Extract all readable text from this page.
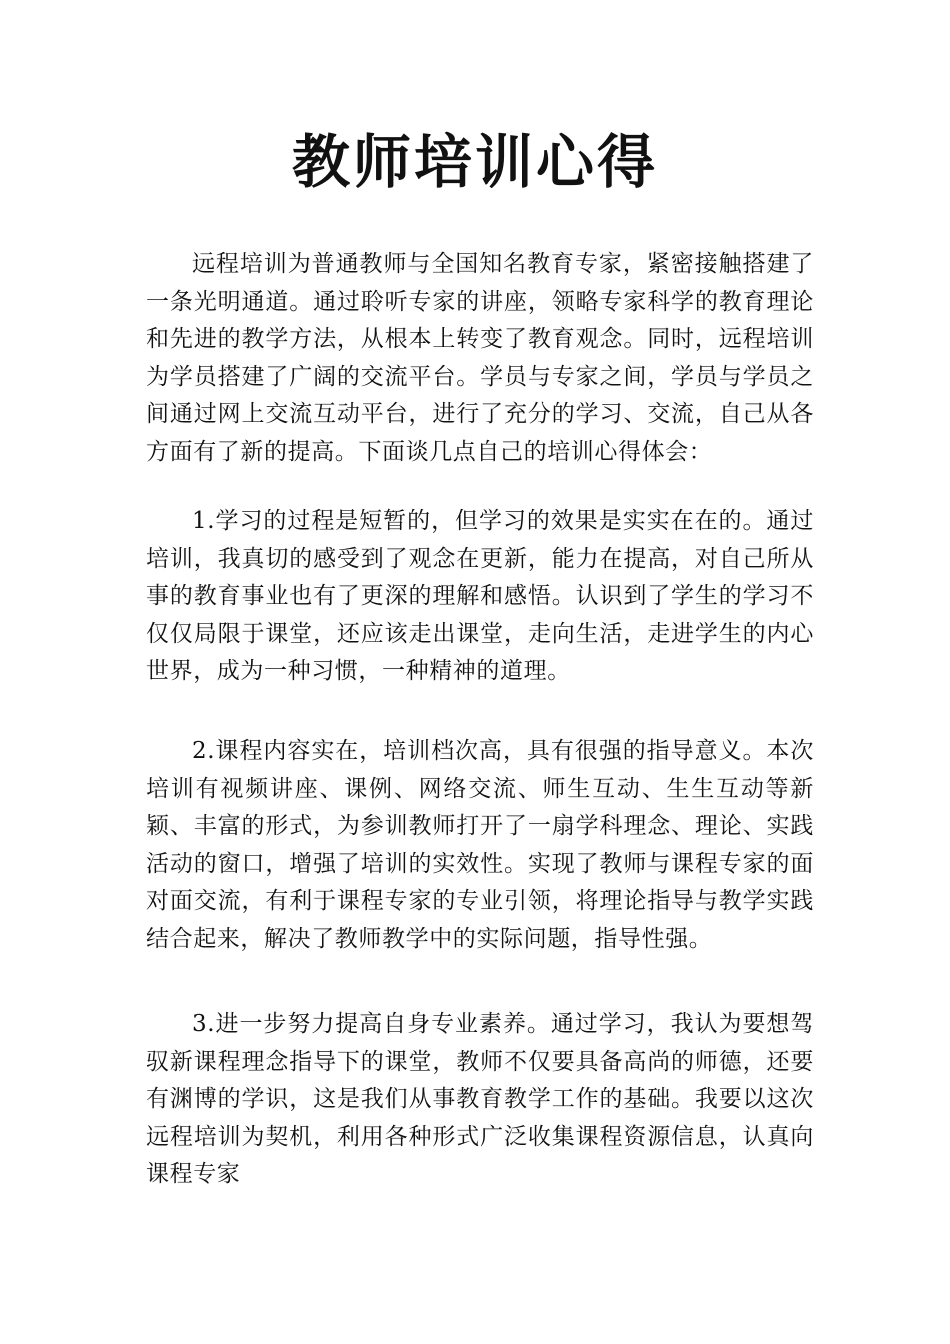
教师培训心得

远程培训为普通教师与全国知名教育专家，紧密接触搭建了一条光明通道。通过聆听专家的讲座，领略专家科学的教育理论和先进的教学方法，从根本上转变了教育观念。同时，远程培训为学员搭建了广阔的交流平台。学员与专家之间，学员与学员之间通过网上交流互动平台，进行了充分的学习、交流，自己从各方面有了新的提高。下面谈几点自己的培训心得体会：

1.学习的过程是短暂的，但学习的效果是实实在在的。通过培训，我真切的感受到了观念在更新，能力在提高，对自己所从事的教育事业也有了更深的理解和感悟。认识到了学生的学习不仅仅局限于课堂，还应该走出课堂，走向生活，走进学生的内心世界，成为一种习惯，一种精神的道理。

2.课程内容实在，培训档次高，具有很强的指导意义。本次培训有视频讲座、课例、网络交流、师生互动、生生互动等新颖、丰富的形式，为参训教师打开了一扇学科理念、理论、实践活动的窗口，增强了培训的实效性。实现了教师与课程专家的面对面交流，有利于课程专家的专业引领，将理论指导与教学实践结合起来，解决了教师教学中的实际问题，指导性强。

3.进一步努力提高自身专业素养。通过学习，我认为要想驾驭新课程理念指导下的课堂，教师不仅要具备高尚的师德，还要有渊博的学识，这是我们从事教育教学工作的基础。我要以这次远程培训为契机，利用各种形式广泛收集课程资源信息，认真向课程专家
